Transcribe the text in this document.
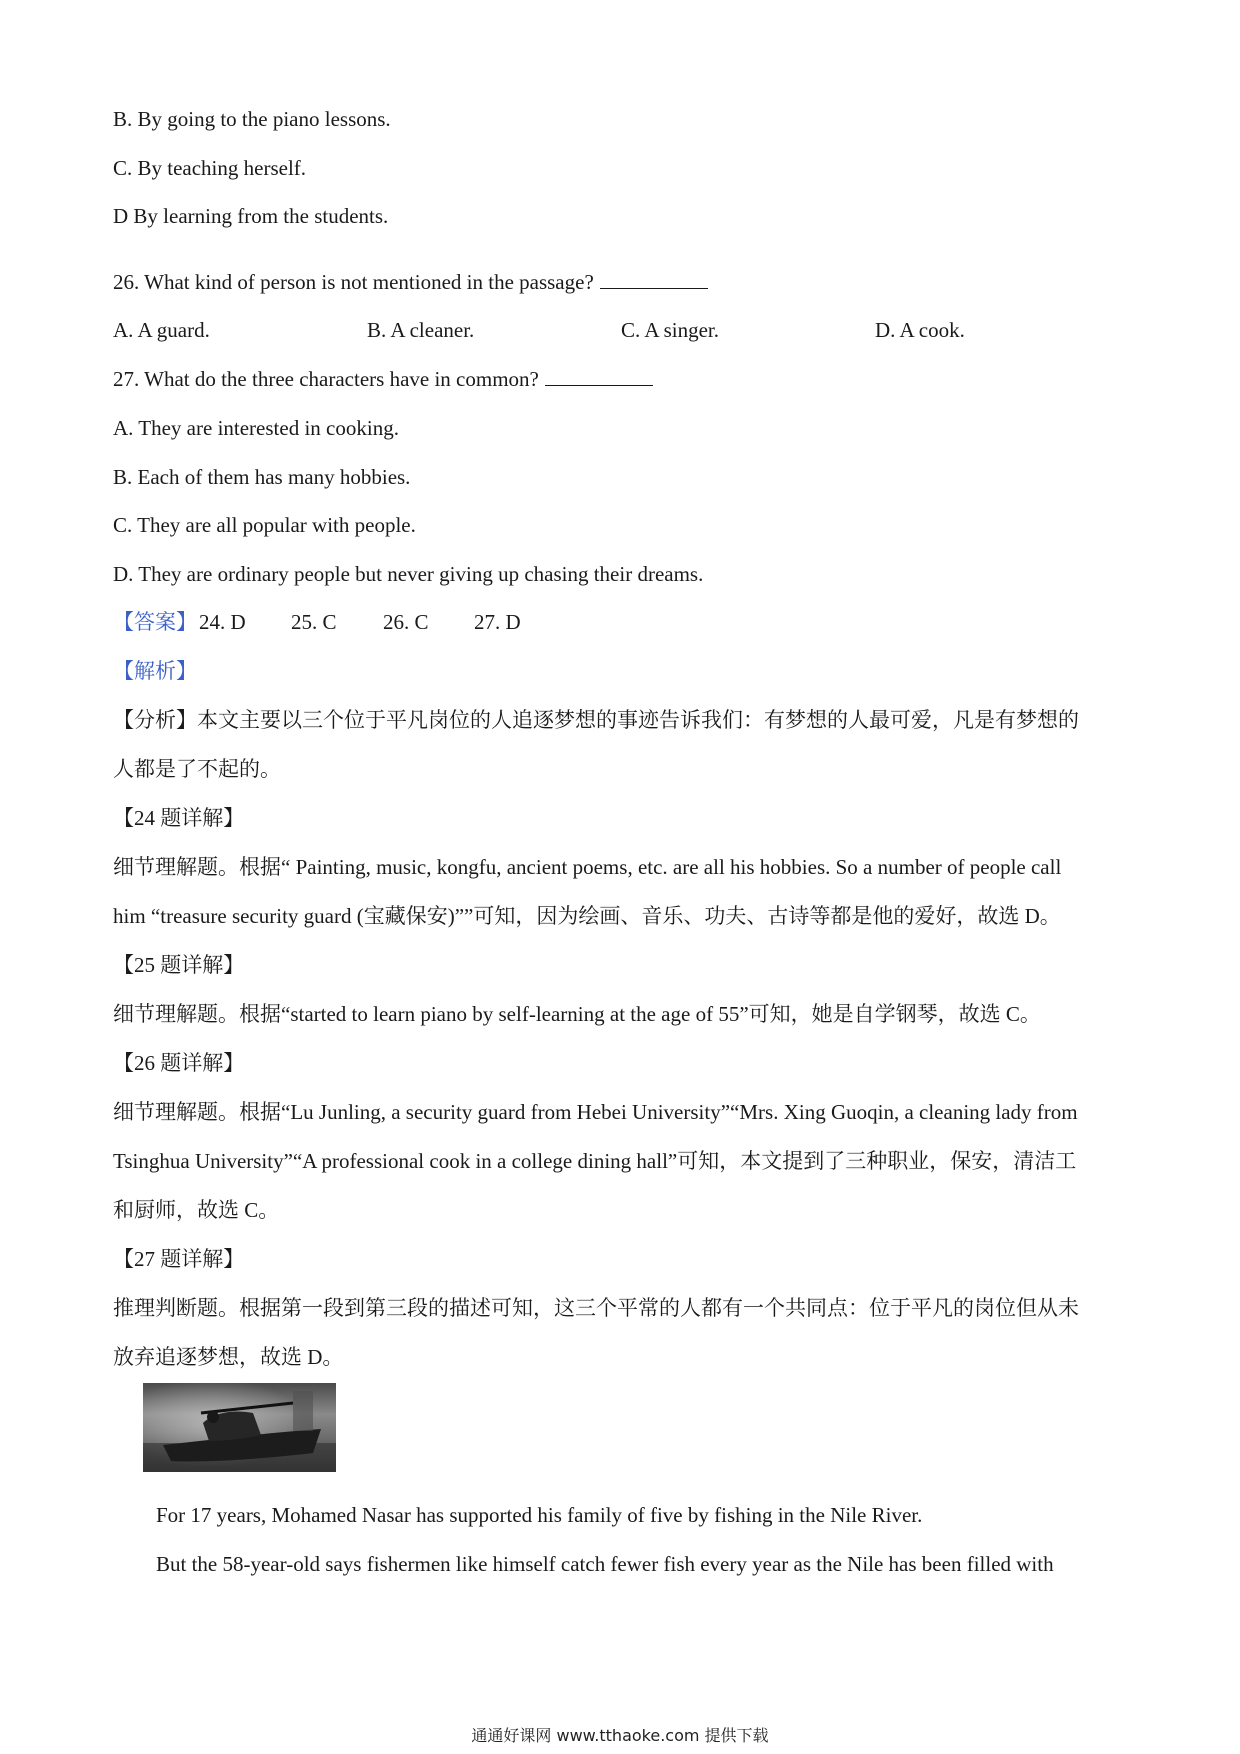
B. By going to the piano lessons.
C. By teaching herself.
D By learning from the students.
26. What kind of person is not mentioned in the passage?
A. A guard.	B. A cleaner.	C. A singer.	D. A cook.
27. What do the three characters have in common?
A. They are interested in cooking.
B. Each of them has many hobbies.
C. They are all popular with people.
D. They are ordinary people but never giving up chasing their dreams.
【答案】 24. D 25. C 26. C 27. D
【解析】
【分析】本文主要以三个位于平凡岗位的人追逐梦想的事迹告诉我们：有梦想的人最可爱，凡是有梦想的
人都是了不起的。
【24 题详解】
细节理解题。根据“ Painting, music, kongfu, ancient poems, etc. are all his hobbies. So a number of people call
him “treasure security guard (宝藏保安)””可知，因为绘画、音乐、功夫、古诗等都是他的爱好，故选 D。
【25 题详解】
细节理解题。根据“started to learn piano by self-learning at the age of 55”可知，她是自学钢琴，故选 C。
【26 题详解】
细节理解题。根据“Lu Junling, a security guard from Hebei University”“Mrs. Xing Guoqin, a cleaning lady from
Tsinghua University”“A professional cook in a college dining hall”可知，本文提到了三种职业，保安，清洁工
和厨师，故选 C。
【27 题详解】
推理判断题。根据第一段到第三段的描述可知，这三个平常的人都有一个共同点：位于平凡的岗位但从未
放弃追逐梦想，故选 D。
For 17 years, Mohamed Nasar has supported his family of five by fishing in the Nile River.
But the 58-year-old says fishermen like himself catch fewer fish every year as the Nile has been filled with
通通好课网 www.tthaoke.com 提供下载
